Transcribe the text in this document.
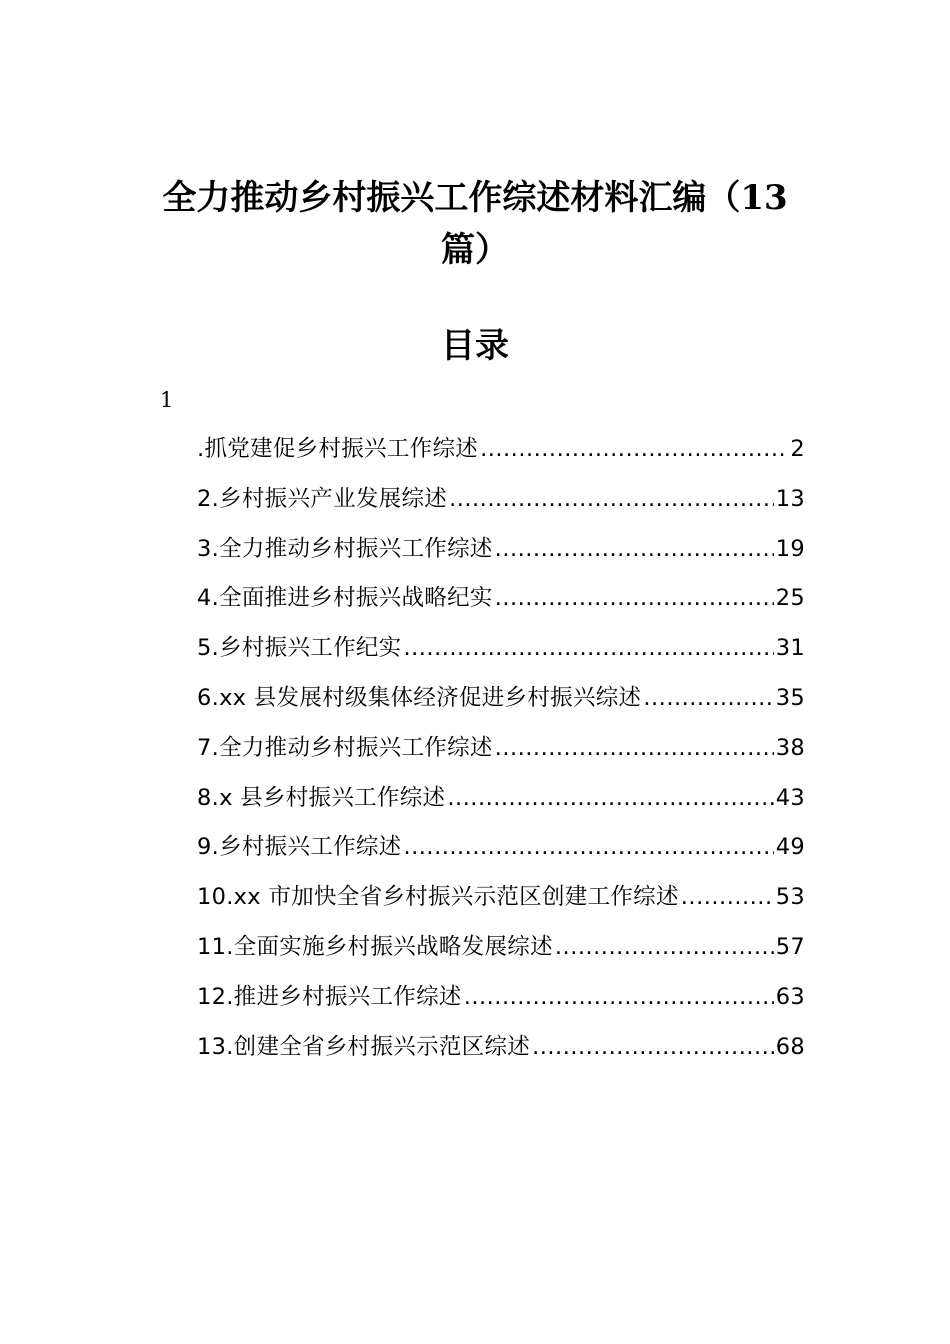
全力推动乡村振兴工作综述材料汇编（13
篇）
目录
1
.抓党建促乡村振兴工作综述 .....	2
2.乡村振兴产业发展综述 .....	13
3.全力推动乡村振兴工作综述 .....	19
4.全面推进乡村振兴战略纪实 .....	25
5.乡村振兴工作纪实 .....	31
6.xx 县发展村级集体经济促进乡村振兴综述 .....	35
7.全力推动乡村振兴工作综述 .....	38
8.x 县乡村振兴工作综述 .....	43
9.乡村振兴工作综述 .....	49
10.xx 市加快全省乡村振兴示范区创建工作综述 .....	53
11.全面实施乡村振兴战略发展综述 .....	57
12.推进乡村振兴工作综述 .....	63
13.创建全省乡村振兴示范区综述 .....	68
